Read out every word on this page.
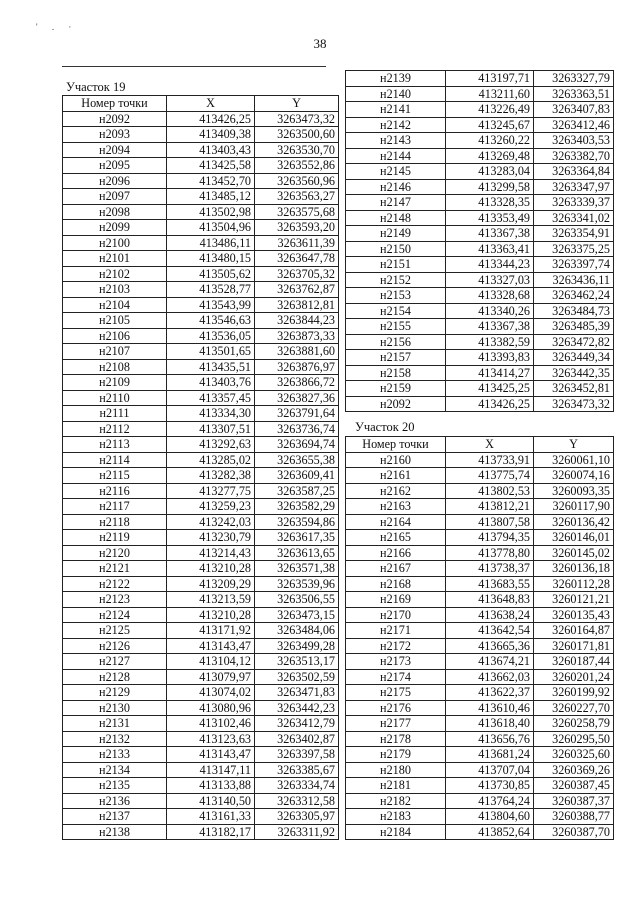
' . ·
38
Участок 19
Номер точки	X	Y
н2092	413426,25	3263473,32
н2093	413409,38	3263500,60
н2094	413403,43	3263530,70
н2095	413425,58	3263552,86
н2096	413452,70	3263560,96
н2097	413485,12	3263563,27
н2098	413502,98	3263575,68
н2099	413504,96	3263593,20
н2100	413486,11	3263611,39
н2101	413480,15	3263647,78
н2102	413505,62	3263705,32
н2103	413528,77	3263762,87
н2104	413543,99	3263812,81
н2105	413546,63	3263844,23
н2106	413536,05	3263873,33
н2107	413501,65	3263881,60
н2108	413435,51	3263876,97
н2109	413403,76	3263866,72
н2110	413357,45	3263827,36
н2111	413334,30	3263791,64
н2112	413307,51	3263736,74
н2113	413292,63	3263694,74
н2114	413285,02	3263655,38
н2115	413282,38	3263609,41
н2116	413277,75	3263587,25
н2117	413259,23	3263582,29
н2118	413242,03	3263594,86
н2119	413230,79	3263617,35
н2120	413214,43	3263613,65
н2121	413210,28	3263571,38
н2122	413209,29	3263539,96
н2123	413213,59	3263506,55
н2124	413210,28	3263473,15
н2125	413171,92	3263484,06
н2126	413143,47	3263499,28
н2127	413104,12	3263513,17
н2128	413079,97	3263502,59
н2129	413074,02	3263471,83
н2130	413080,96	3263442,23
н2131	413102,46	3263412,79
н2132	413123,63	3263402,87
н2133	413143,47	3263397,58
н2134	413147,11	3263385,67
н2135	413133,88	3263334,74
н2136	413140,50	3263312,58
н2137	413161,33	3263305,97
н2138	413182,17	3263311,92
н2139	413197,71	3263327,79
н2140	413211,60	3263363,51
н2141	413226,49	3263407,83
н2142	413245,67	3263412,46
н2143	413260,22	3263403,53
н2144	413269,48	3263382,70
н2145	413283,04	3263364,84
н2146	413299,58	3263347,97
н2147	413328,35	3263339,37
н2148	413353,49	3263341,02
н2149	413367,38	3263354,91
н2150	413363,41	3263375,25
н2151	413344,23	3263397,74
н2152	413327,03	3263436,11
н2153	413328,68	3263462,24
н2154	413340,26	3263484,73
н2155	413367,38	3263485,39
н2156	413382,59	3263472,82
н2157	413393,83	3263449,34
н2158	413414,27	3263442,35
н2159	413425,25	3263452,81
н2092	413426,25	3263473,32
Участок 20
Номер точки	X	Y
н2160	413733,91	3260061,10
н2161	413775,74	3260074,16
н2162	413802,53	3260093,35
н2163	413812,21	3260117,90
н2164	413807,58	3260136,42
н2165	413794,35	3260146,01
н2166	413778,80	3260145,02
н2167	413738,37	3260136,18
н2168	413683,55	3260112,28
н2169	413648,83	3260121,21
н2170	413638,24	3260135,43
н2171	413642,54	3260164,87
н2172	413665,36	3260171,81
н2173	413674,21	3260187,44
н2174	413662,03	3260201,24
н2175	413622,37	3260199,92
н2176	413610,46	3260227,70
н2177	413618,40	3260258,79
н2178	413656,76	3260295,50
н2179	413681,24	3260325,60
н2180	413707,04	3260369,26
н2181	413730,85	3260387,45
н2182	413764,24	3260387,37
н2183	413804,60	3260388,77
н2184	413852,64	3260387,70
